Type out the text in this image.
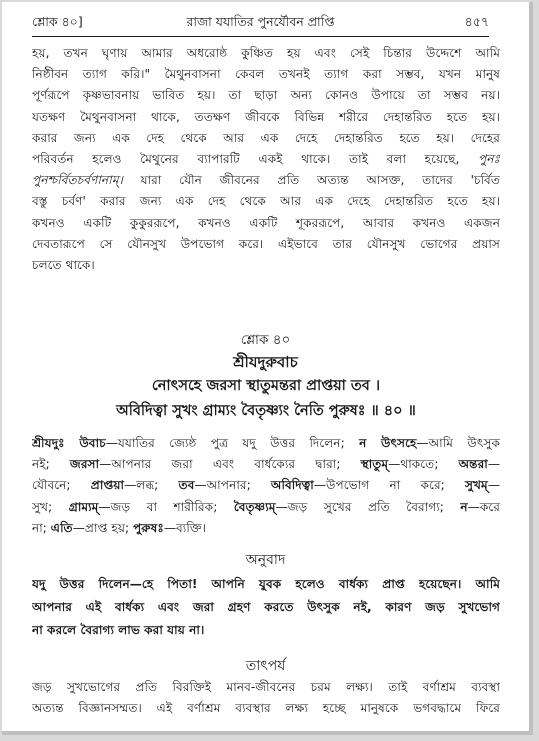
শ্লোক ৪০]	রাজা যযাতির পুনর্যৌবন প্রাপ্তি	৪৫৭
হয়, তখন ঘৃণায় আমার অধরোষ্ঠ কুঞ্চিত হয় এবং সেই চিন্তার উদ্দেশে আমি
নিষ্ঠীবন ত্যাগ করি।" মৈথুনবাসনা কেবল তখনই ত্যাগ করা সম্ভব, যখন মানুষ
পূর্ণরূপে কৃষ্ণভাবনায় ভাবিত হয়। তা ছাড়া অন্য কোনও উপায়ে তা সম্ভব নয়।
যতক্ষণ মৈথুনবাসনা থাকে, ততক্ষণ জীবকে বিভিন্ন শরীরে দেহান্তরিত হতে হয়।
করার জন্য এক দেহ থেকে আর এক দেহে দেহান্তরিত হতে হয়। দেহের
পরিবর্তন হলেও মৈথুনের ব্যাপারটি একই থাকে। তাই বলা হয়েছে, পুনঃ
পুনশ্চর্বিতচর্বণানাম্। যারা যৌন জীবনের প্রতি অত্যন্ত আসক্ত, তাদের 'চর্বিত
বস্তু চর্বণ' করার জন্য এক দেহ থেকে আর এক দেহে দেহান্তরিত হতে হয়।
কখনও একটি কুকুররূপে, কখনও একটি শূকররূপে, আবার কখনও একজন
দেবতারূপে সে যৌনসুখ উপভোগ করে। এইভাবে তার যৌনসুখ ভোগের প্রয়াস
চলতে থাকে।
শ্লোক ৪০
শ্রীযদুরুবাচ
নোৎসহে জরসা স্থাতুমন্তরা প্রাপ্তয়া তব ।
অবিদিত্বা সুখং গ্রাম্যং বৈতৃষ্ণ্যং নৈতি পুরুষঃ ॥ ৪০ ॥
শ্রীযদুঃ উবাচ—যযাতির জ্যেষ্ঠ পুত্র যদু উত্তর দিলেন; ন উৎসহে—আমি উৎসুক
নই; জরসা—আপনার জরা এবং বার্ধক্যের দ্বারা; স্থাতুম্—থাকতে; অন্তরা—
যৌবনে; প্রাপ্তয়া—লব্ধ; তব—আপনার; অবিদিত্বা—উপভোগ না করে; সুখম্—
সুখ; গ্রাম্যম্—জড় বা শারীরিক; বৈতৃষ্ণ্যম্—জড় সুখের প্রতি বৈরাগ্য; ন—করে
না; এতি—প্রাপ্ত হয়; পুরুষঃ—ব্যক্তি।
অনুবাদ
যদু উত্তর দিলেন—হে পিতা! আপনি যুবক হলেও বার্ধক্য প্রাপ্ত হয়েছেন। আমি
আপনার এই বার্ধক্য এবং জরা গ্রহণ করতে উৎসুক নই, কারণ জড় সুখভোগ
না করলে বৈরাগ্য লাভ করা যায় না।
তাৎপর্য
জড় সুখভোগের প্রতি বিরক্তিই মানব-জীবনের চরম লক্ষ্য। তাই বর্ণাশ্রম ব্যবস্থা
অত্যন্ত বিজ্ঞানসম্মত। এই বর্ণাশ্রম ব্যবস্থার লক্ষ্য হচ্ছে মানুষকে ভগবদ্ধামে ফিরে
